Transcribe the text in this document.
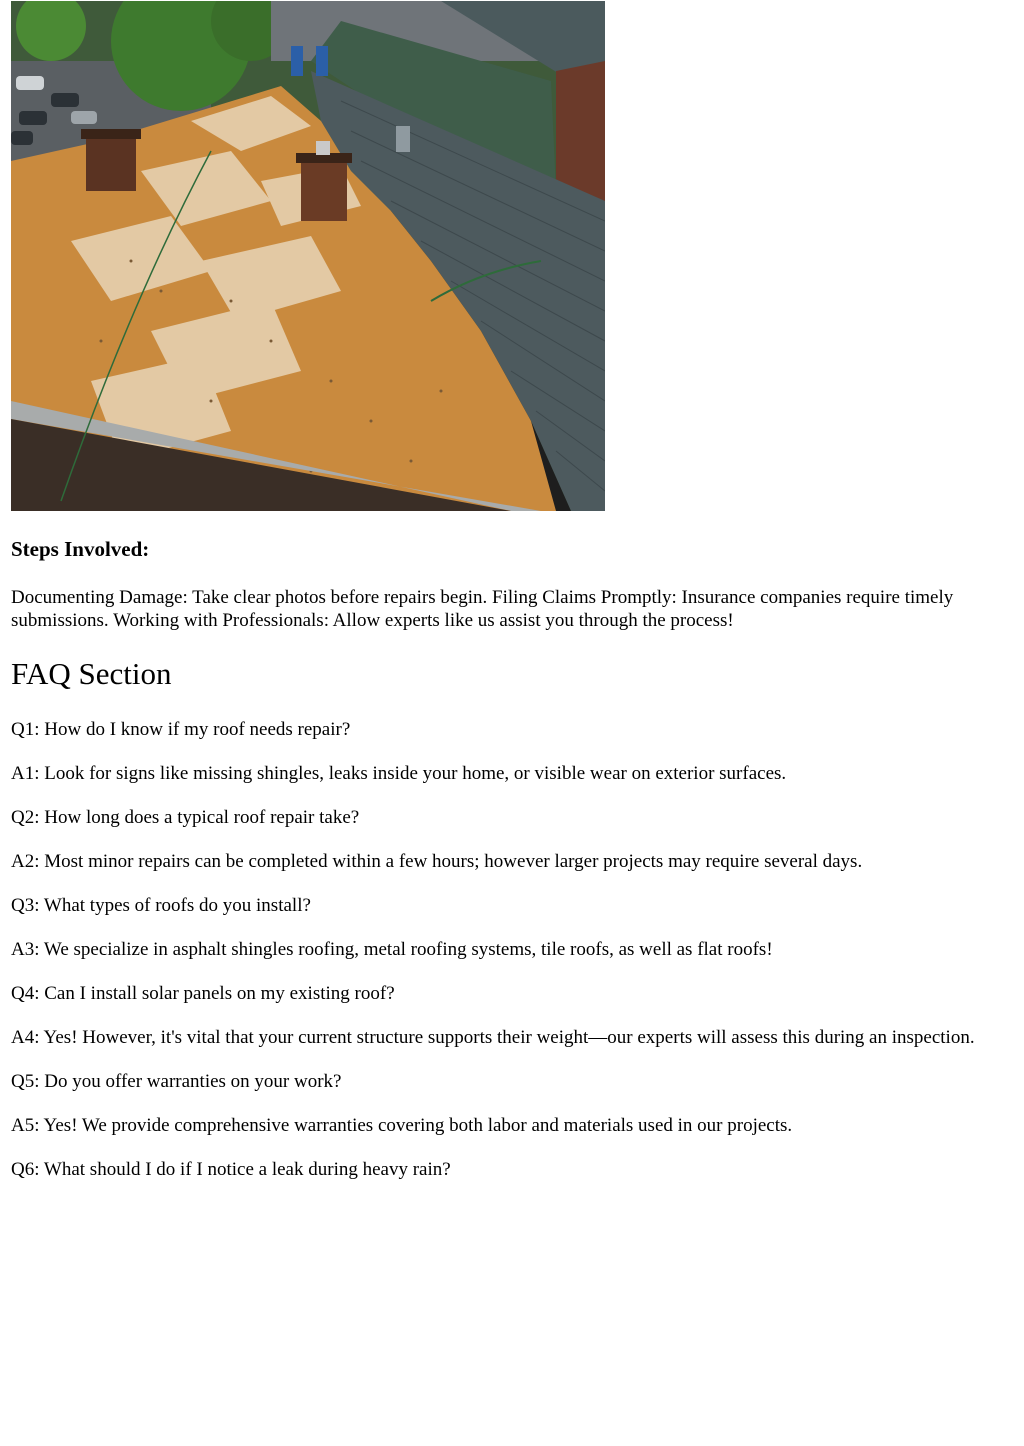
Steps Involved:

Documenting Damage: Take clear photos before repairs begin. Filing Claims Promptly: Insurance companies require timely submissions. Working with Professionals: Allow experts like us assist you through the process!

FAQ Section

Q1: How do I know if my roof needs repair?

A1: Look for signs like missing shingles, leaks inside your home, or visible wear on exterior surfaces.

Q2: How long does a typical roof repair take?

A2: Most minor repairs can be completed within a few hours; however larger projects may require several days.

Q3: What types of roofs do you install?

A3: We specialize in asphalt shingles roofing, metal roofing systems, tile roofs, as well as flat roofs!

Q4: Can I install solar panels on my existing roof?

A4: Yes! However, it's vital that your current structure supports their weight—our experts will assess this during an inspection.

Q5: Do you offer warranties on your work?

A5: Yes! We provide comprehensive warranties covering both labor and materials used in our projects.

Q6: What should I do if I notice a leak during heavy rain?
